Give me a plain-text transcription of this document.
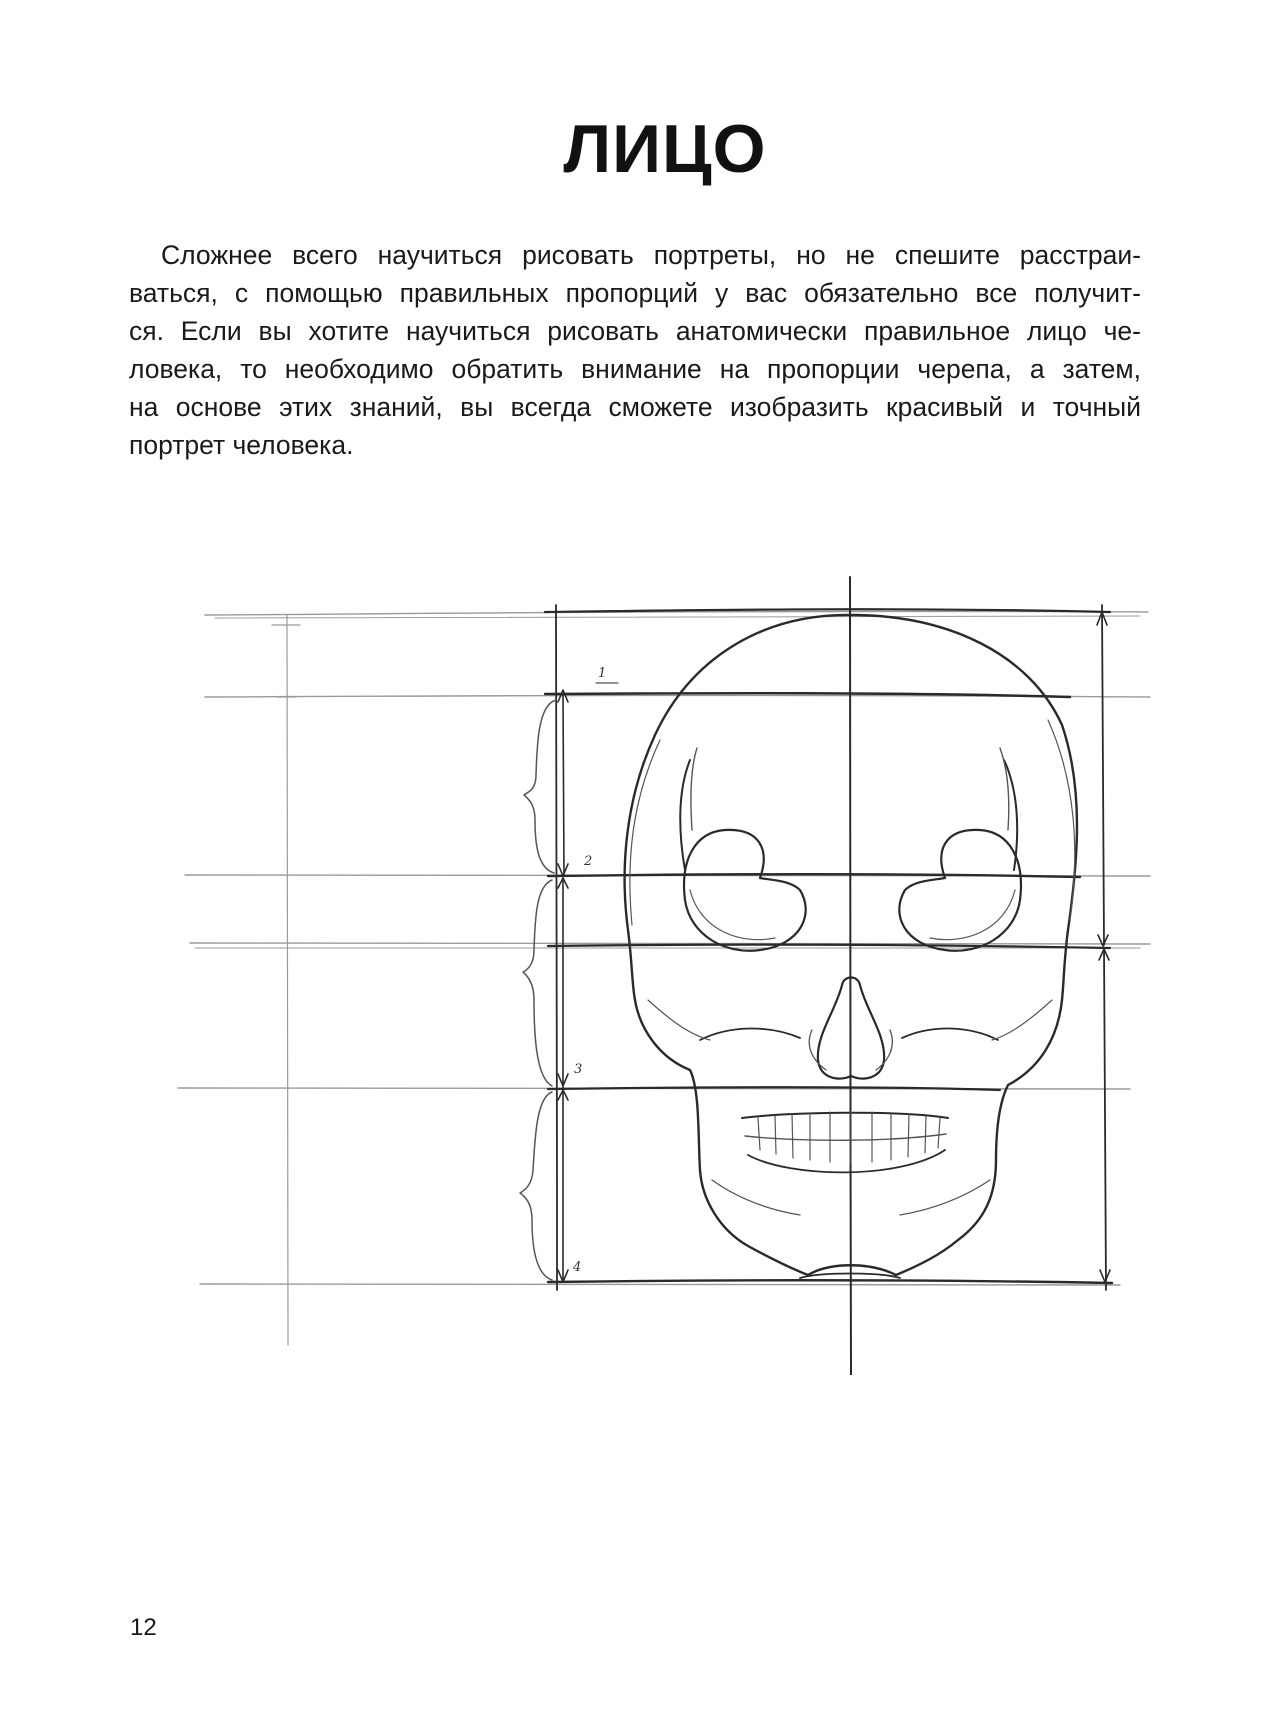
ЛИЦО

Сложнее всего научиться рисовать портреты, но не спешите расстраи-
ваться, с помощью правильных пропорций у вас обязательно все получит-
ся. Если вы хотите научиться рисовать анатомически правильное лицо че-
ловека, то необходимо обратить внимание на пропорции черепа, а затем,
на основе этих знаний, вы всегда сможете изобразить красивый и точный
портрет человека.

1
2
3
4
12
